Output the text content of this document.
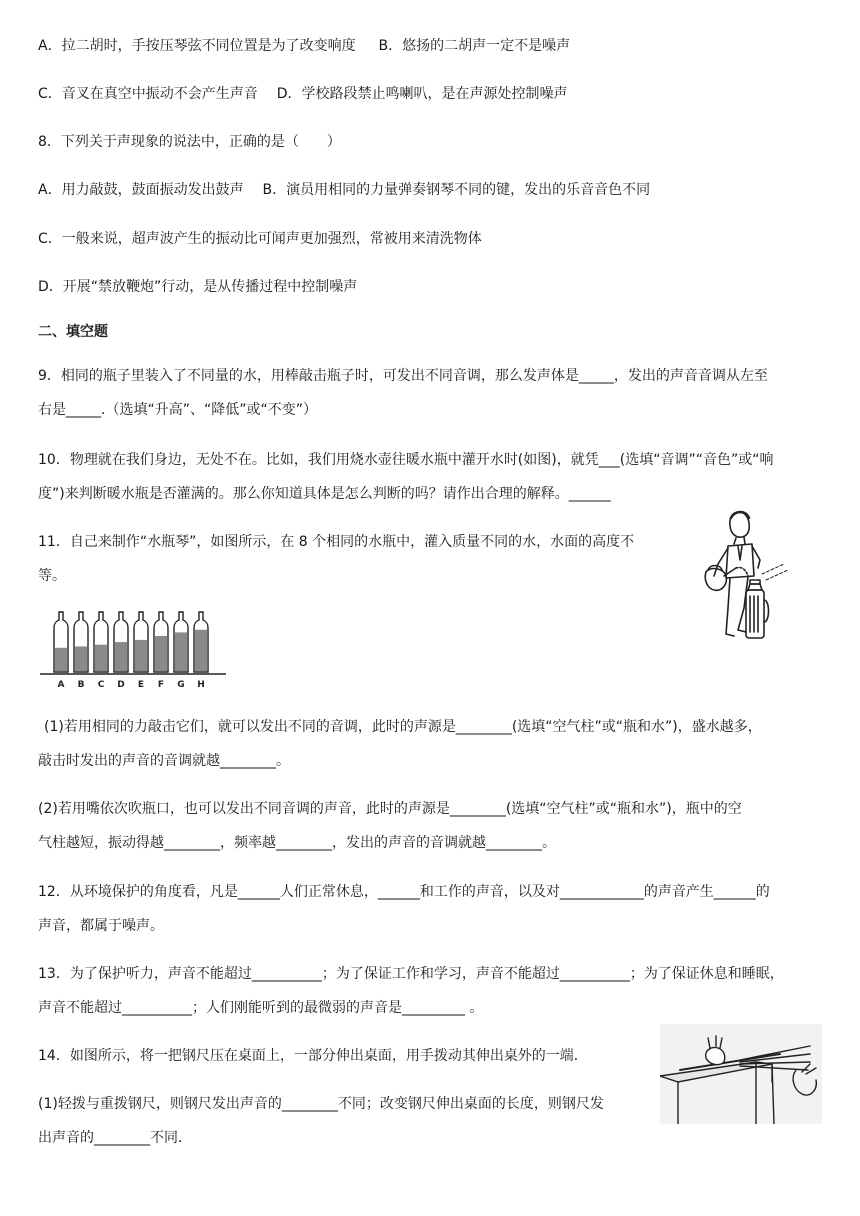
A．拉二胡时，手按压琴弦不同位置是为了改变响度 B．悠扬的二胡声一定不是噪声
C．音叉在真空中振动不会产生声音 D．学校路段禁止鸣喇叭，是在声源处控制噪声
8．下列关于声现象的说法中，正确的是（　　）
A．用力敲鼓，鼓面振动发出鼓声 B．演员用相同的力量弹奏钢琴不同的键，发出的乐音音色不同
C．一般来说，超声波产生的振动比可闻声更加强烈，常被用来清洗物体
D．开展“禁放鞭炮”行动，是从传播过程中控制噪声
二、填空题
9．相同的瓶子里装入了不同量的水，用棒敲击瓶子时，可发出不同音调，那么发声体是_____，发出的声音音调从左至
右是_____.（选填“升高”、“降低”或“不变”）
10．物理就在我们身边，无处不在。比如，我们用烧水壶往暖水瓶中灌开水时(如图)，就凭___(选填“音调”“音色”或“响
度”)来判断暖水瓶是否灌满的。那么你知道具体是怎么判断的吗？请作出合理的解释。______
11．自己来制作“水瓶琴”，如图所示，在 8 个相同的水瓶中，灌入质量不同的水，水面的高度不
等。
A B C D E F G H
(1)若用相同的力敲击它们，就可以发出不同的音调，此时的声源是________(选填“空气柱”或“瓶和水”)，盛水越多，
敲击时发出的声音的音调就越________。
(2)若用嘴依次吹瓶口，也可以发出不同音调的声音，此时的声源是________(选填“空气柱”或“瓶和水”)，瓶中的空
气柱越短，振动得越________，频率越________，发出的声音的音调就越________。
12．从环境保护的角度看，凡是______人们正常休息，______和工作的声音，以及对____________的声音产生______的
声音，都属于噪声。
13．为了保护听力，声音不能超过__________；为了保证工作和学习，声音不能超过__________；为了保证休息和睡眠，
声音不能超过__________；人们刚能听到的最微弱的声音是_________ 。
14．如图所示，将一把钢尺压在桌面上，一部分伸出桌面，用手拨动其伸出桌外的一端．
(1)轻拨与重拨钢尺，则钢尺发出声音的________不同；改变钢尺伸出桌面的长度，则钢尺发
出声音的________不同．
